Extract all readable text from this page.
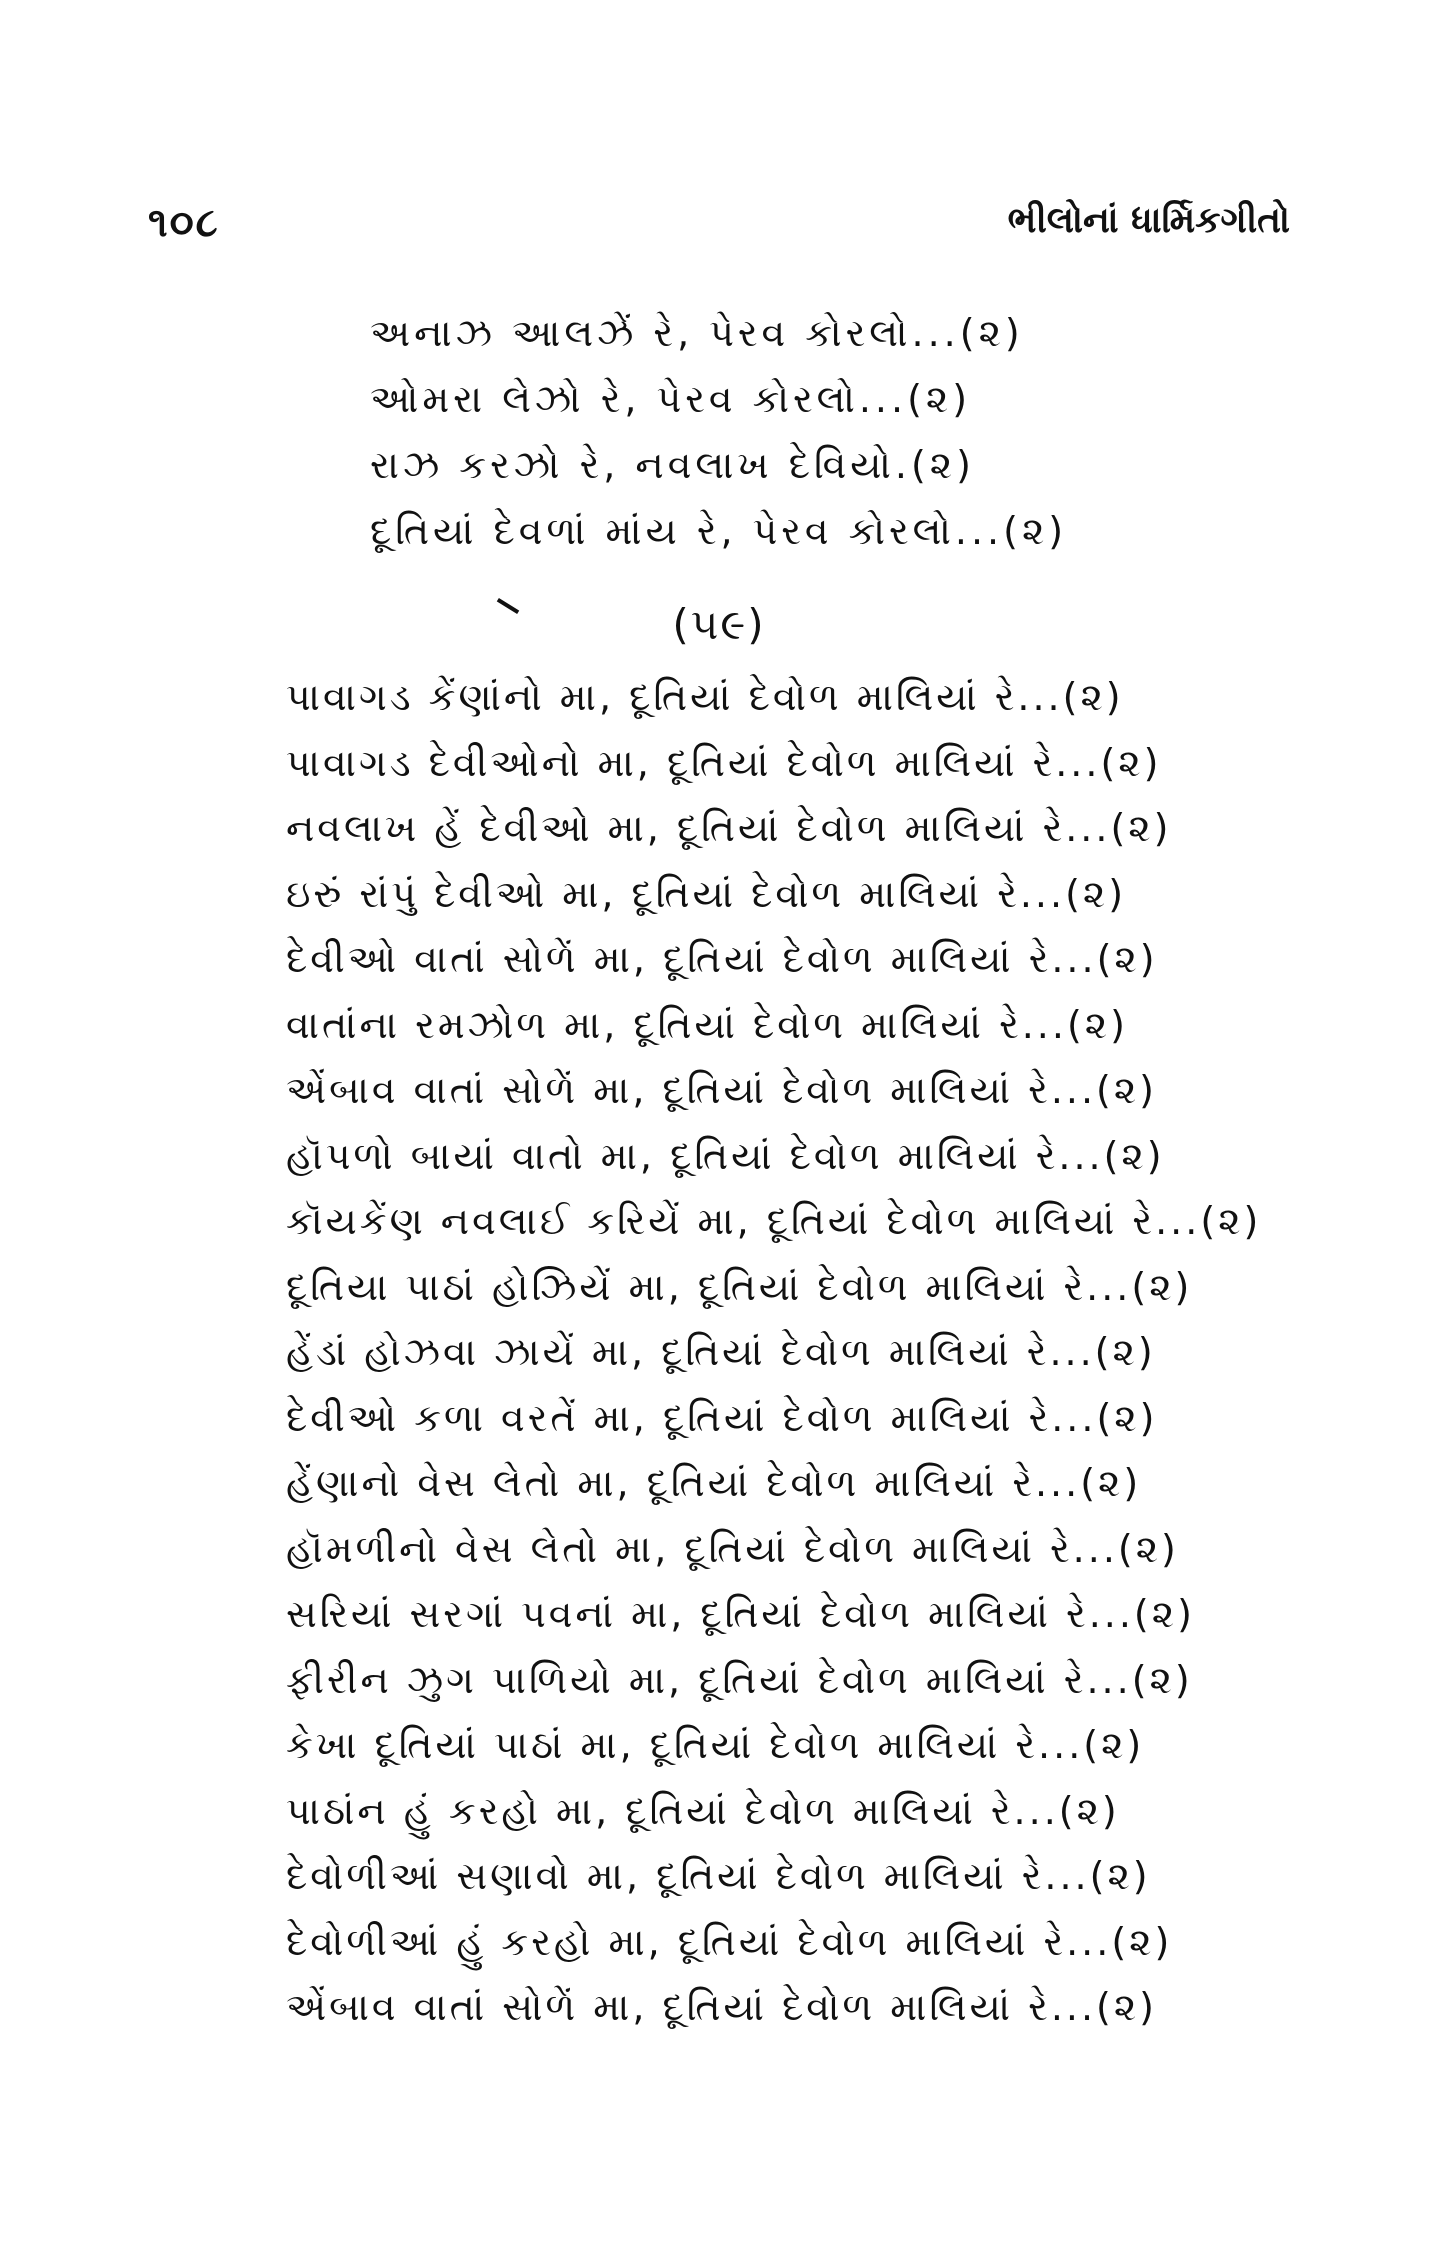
૧૦૮	ભીલોનાં ધાર્મિકગીતો
અનાઝ આલઝેં રે, પેરવ કોરલો...(૨)
ઓમરા લેઝો રે, પેરવ કોરલો...(૨)
રાઝ કરઝો રે, નવલાખ દેવિયો.(૨)
દૂતિયાં દેવળાં માંય રે, પેરવ કોરલો...(૨)
(૫૯)
પાવાગડ કેંણાંનો મા, દૂતિયાં દેવોળ માલિયાં રે...(૨)
પાવાગડ દેવીઓનો મા, દૂતિયાં દેવોળ માલિયાં રે...(૨)
નવલાખ હેં દેવીઓ મા, દૂતિયાં દેવોળ માલિયાં રે...(૨)
ઇરું રાંપું દેવીઓ મા, દૂતિયાં દેવોળ માલિયાં રે...(૨)
દેવીઓ વાતાં સોળેં મા, દૂતિયાં દેવોળ માલિયાં રે...(૨)
વાતાંના રમઝોળ મા, દૂતિયાં દેવોળ માલિયાં રે...(૨)
એંબાવ વાતાં સોળેં મા, દૂતિયાં દેવોળ માલિયાં રે...(૨)
હૉપળો બાયાં વાતો મા, દૂતિયાં દેવોળ માલિયાં રે...(૨)
કૉયકેંણ નવલાઈ કરિયેં મા, દૂતિયાં દેવોળ માલિયાં રે...(૨)
દૂતિયા પાઠાં હોઝિયેં મા, દૂતિયાં દેવોળ માલિયાં રે...(૨)
હેંડાં હોઝવા ઝાયેં મા, દૂતિયાં દેવોળ માલિયાં રે...(૨)
દેવીઓ કળા વરતેં મા, દૂતિયાં દેવોળ માલિયાં રે...(૨)
હેંણાનો વેસ લેતો મા, દૂતિયાં દેવોળ માલિયાં રે...(૨)
હૉમળીનો વેસ લેતો મા, દૂતિયાં દેવોળ માલિયાં રે...(૨)
સરિયાં સરગાં પવનાં મા, દૂતિયાં દેવોળ માલિયાં રે...(૨)
ફીરીન ઝુગ પાળિયો મા, દૂતિયાં દેવોળ માલિયાં રે...(૨)
કેખા દૂતિયાં પાઠાં મા, દૂતિયાં દેવોળ માલિયાં રે...(૨)
પાઠાંન હું કરહો મા, દૂતિયાં દેવોળ માલિયાં રે...(૨)
દેવોળીઆં સણાવો મા, દૂતિયાં દેવોળ માલિયાં રે...(૨)
દેવોળીઆં હું કરહો મા, દૂતિયાં દેવોળ માલિયાં રે...(૨)
એંબાવ વાતાં સોળેં મા, દૂતિયાં દેવોળ માલિયાં રે...(૨)
